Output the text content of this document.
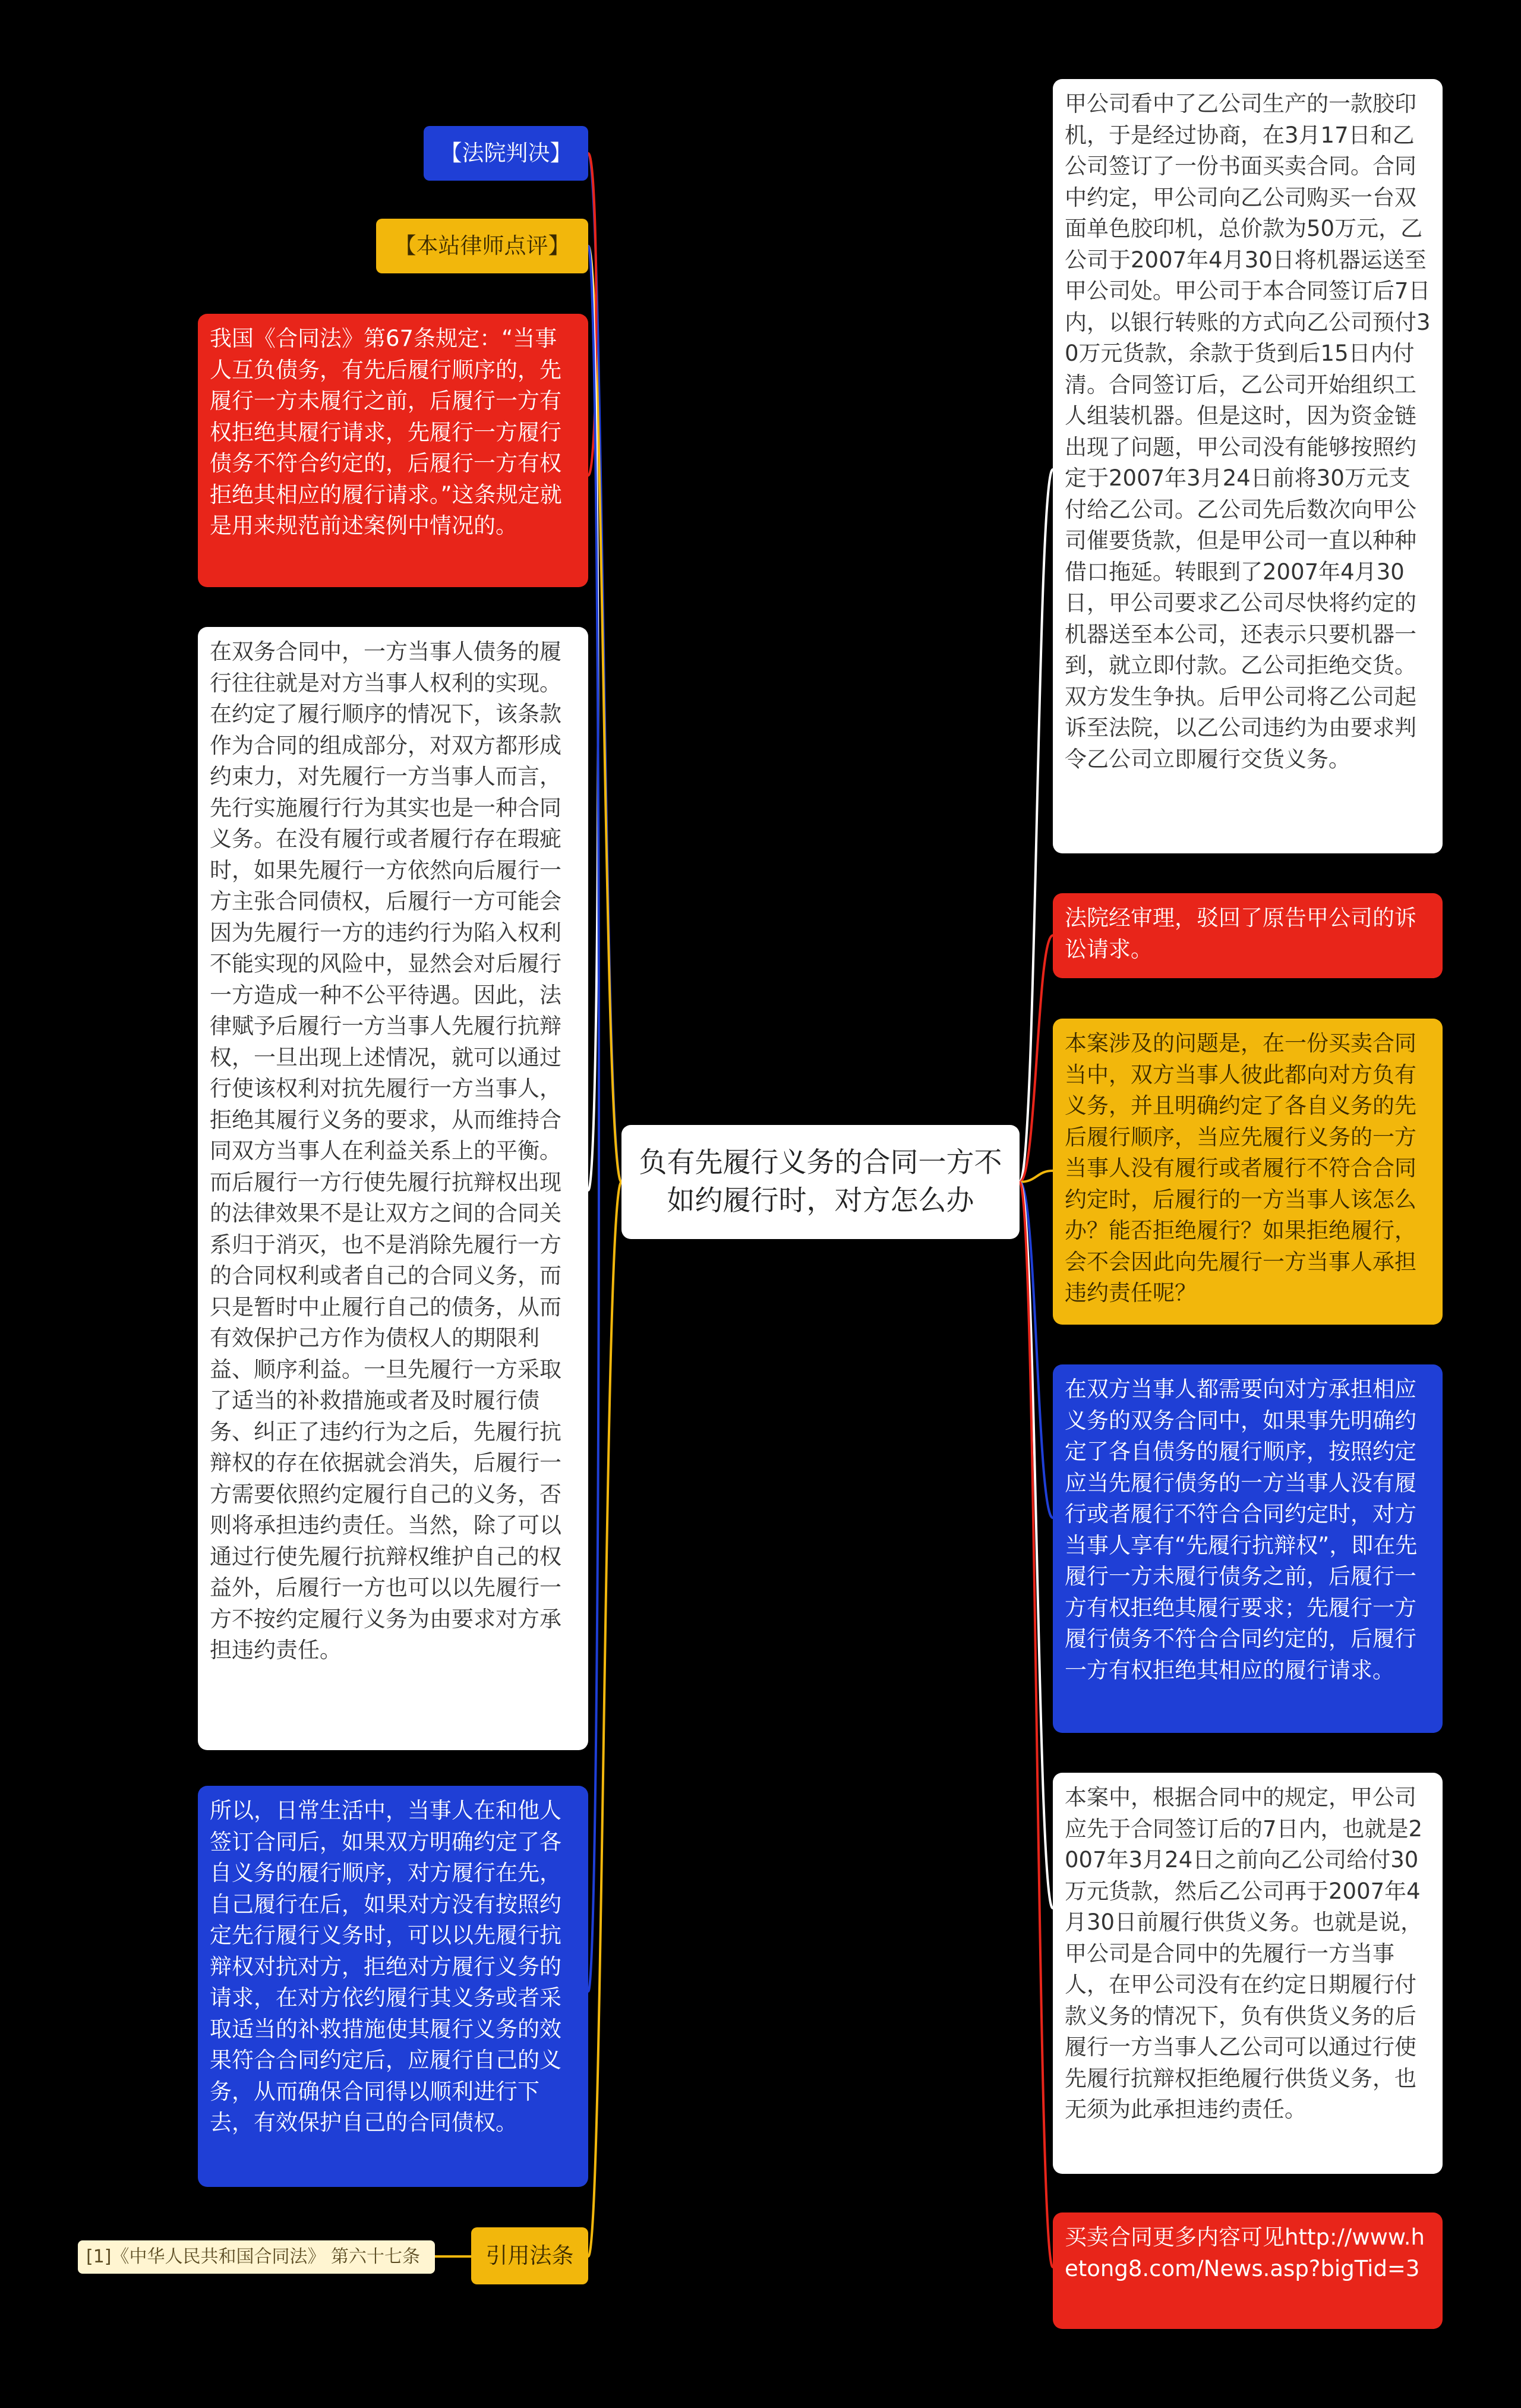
负有先履行义务的合同一方不如约履行时，对方怎么办
【法院判决】
【本站律师点评】
我国《合同法》第67条规定：“当事人互负债务，有先后履行顺序的，先履行一方未履行之前，后履行一方有权拒绝其履行请求，先履行一方履行债务不符合约定的，后履行一方有权拒绝其相应的履行请求。”这条规定就是用来规范前述案例中情况的。
在双务合同中，一方当事人债务的履行往往就是对方当事人权利的实现。在约定了履行顺序的情况下，该条款作为合同的组成部分，对双方都形成约束力，对先履行一方当事人而言，先行实施履行行为其实也是一种合同义务。在没有履行或者履行存在瑕疵时，如果先履行一方依然向后履行一方主张合同债权，后履行一方可能会因为先履行一方的违约行为陷入权利不能实现的风险中，显然会对后履行一方造成一种不公平待遇。因此，法律赋予后履行一方当事人先履行抗辩权，一旦出现上述情况，就可以通过行使该权利对抗先履行一方当事人，拒绝其履行义务的要求，从而维持合同双方当事人在利益关系上的平衡。而后履行一方行使先履行抗辩权出现的法律效果不是让双方之间的合同关系归于消灭，也不是消除先履行一方的合同权利或者自己的合同义务，而只是暂时中止履行自己的债务，从而有效保护己方作为债权人的期限利益、顺序利益。一旦先履行一方采取了适当的补救措施或者及时履行债务、纠正了违约行为之后，先履行抗辩权的存在依据就会消失，后履行一方需要依照约定履行自己的义务，否则将承担违约责任。当然，除了可以通过行使先履行抗辩权维护自己的权益外，后履行一方也可以以先履行一方不按约定履行义务为由要求对方承担违约责任。
所以，日常生活中，当事人在和他人签订合同后，如果双方明确约定了各自义务的履行顺序，对方履行在先，自己履行在后，如果对方没有按照约定先行履行义务时，可以以先履行抗辩权对抗对方，拒绝对方履行义务的请求，在对方依约履行其义务或者采取适当的补救措施使其履行义务的效果符合合同约定后，应履行自己的义务，从而确保合同得以顺利进行下去，有效保护自己的合同债权。
引用法条
[1]《中华人民共和国合同法》 第六十七条
甲公司看中了乙公司生产的一款胶印机，于是经过协商，在3月17日和乙公司签订了一份书面买卖合同。合同中约定，甲公司向乙公司购买一台双面单色胶印机，总价款为50万元，乙公司于2007年4月30日将机器运送至甲公司处。甲公司于本合同签订后7日内，以银行转账的方式向乙公司预付30万元货款，余款于货到后15日内付清。合同签订后，乙公司开始组织工人组装机器。但是这时，因为资金链出现了问题，甲公司没有能够按照约定于2007年3月24日前将30万元支付给乙公司。乙公司先后数次向甲公司催要货款，但是甲公司一直以种种借口拖延。转眼到了2007年4月30日，甲公司要求乙公司尽快将约定的机器送至本公司，还表示只要机器一到，就立即付款。乙公司拒绝交货。双方发生争执。后甲公司将乙公司起诉至法院，以乙公司违约为由要求判令乙公司立即履行交货义务。
法院经审理，驳回了原告甲公司的诉讼请求。
本案涉及的问题是，在一份买卖合同当中，双方当事人彼此都向对方负有义务，并且明确约定了各自义务的先后履行顺序，当应先履行义务的一方当事人没有履行或者履行不符合合同约定时，后履行的一方当事人该怎么办？能否拒绝履行？如果拒绝履行，会不会因此向先履行一方当事人承担违约责任呢？
在双方当事人都需要向对方承担相应义务的双务合同中，如果事先明确约定了各自债务的履行顺序，按照约定应当先履行债务的一方当事人没有履行或者履行不符合合同约定时，对方当事人享有“先履行抗辩权”，即在先履行一方未履行债务之前，后履行一方有权拒绝其履行要求；先履行一方履行债务不符合合同约定的，后履行一方有权拒绝其相应的履行请求。
本案中，根据合同中的规定，甲公司应先于合同签订后的7日内，也就是2007年3月24日之前向乙公司给付30万元货款，然后乙公司再于2007年4月30日前履行供货义务。也就是说，甲公司是合同中的先履行一方当事人，在甲公司没有在约定日期履行付款义务的情况下，负有供货义务的后履行一方当事人乙公司可以通过行使先履行抗辩权拒绝履行供货义务，也无须为此承担违约责任。
买卖合同更多内容可见http://www.hetong8.com/News.asp?bigTid=3
